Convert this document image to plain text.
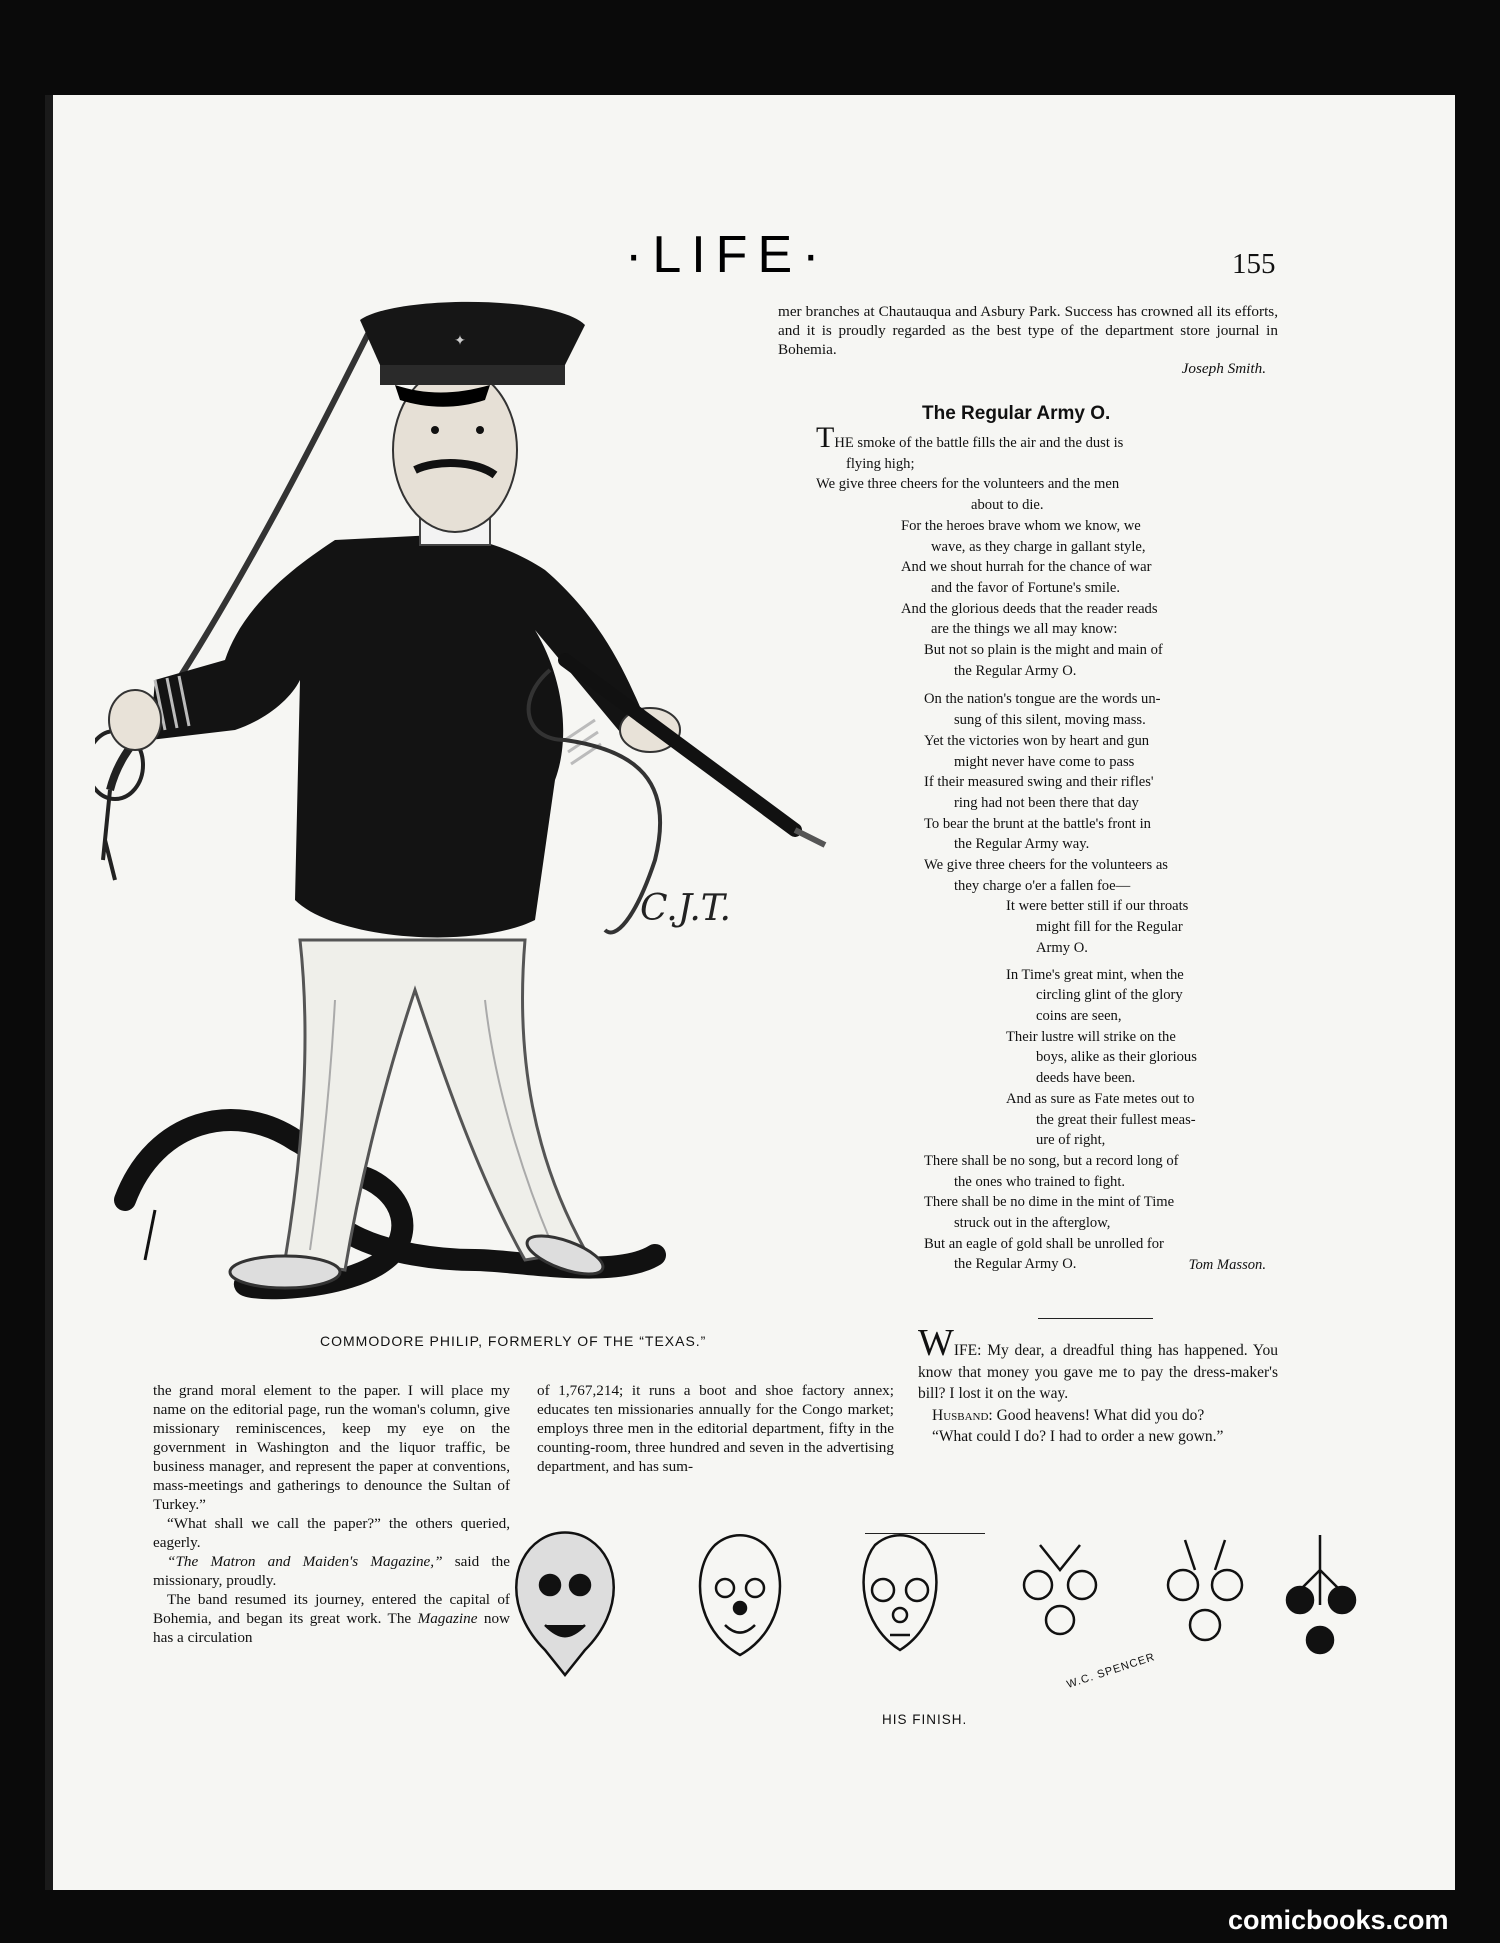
·LIFE·	155
✦
C.J.T.
COMMODORE PHILIP, FORMERLY OF THE “TEXAS.”

mer branches at Chautauqua and Asbury Park. Success has crowned all its efforts, and it is proudly regarded as the best type of the department store journal in Bohemia.

Joseph Smith.

The Regular Army O.
THE smoke of the battle fills the air and the dust is
flying high;
We give three cheers for the volunteers and the men
about to die.
For the heroes brave whom we know, we
wave, as they charge in gallant style,
And we shout hurrah for the chance of war
and the favor of Fortune's smile.
And the glorious deeds that the reader reads
are the things we all may know:
But not so plain is the might and main of
the Regular Army O.
On the nation's tongue are the words un-
sung of this silent, moving mass.
Yet the victories won by heart and gun
might never have come to pass
If their measured swing and their rifles'
ring had not been there that day
To bear the brunt at the battle's front in
the Regular Army way.
We give three cheers for the volunteers as
they charge o'er a fallen foe—
It were better still if our throats
might fill for the Regular
Army O.
In Time's great mint, when the
circling glint of the glory
coins are seen,
Their lustre will strike on the
boys, alike as their glorious
deeds have been.
And as sure as Fate metes out to
the great their fullest meas-
ure of right,
There shall be no song, but a record long of
the ones who trained to fight.
There shall be no dime in the mint of Time
struck out in the afterglow,
But an eagle of gold shall be unrolled for
the Regular Army O.	Tom Masson.

WIFE: My dear, a dreadful thing has happened. You know that money you gave me to pay the dress-maker's bill? I lost it on the way.

Husband: Good heavens! What did you do?

“What could I do? I had to order a new gown.”

the grand moral element to the paper. I will place my name on the editorial page, run the woman's column, give missionary reminiscences, keep my eye on the government in Washington and the liquor traffic, be business manager, and represent the paper at conventions, mass-meetings and gatherings to denounce the Sultan of Turkey.”

“What shall we call the paper?” the others queried, eagerly.

“The Matron and Maiden's Magazine,” said the missionary, proudly.

The band resumed its journey, entered the capital of Bohemia, and began its great work. The Magazine now has a circulation

of 1,767,214; it runs a boot and shoe factory annex; educates ten missionaries annually for the Congo market; employs three men in the editorial department, fifty in the counting-room, three hundred and seven in the advertising department, and has sum-

W.C. SPENCER
HIS FINISH.
comicbooks.com
